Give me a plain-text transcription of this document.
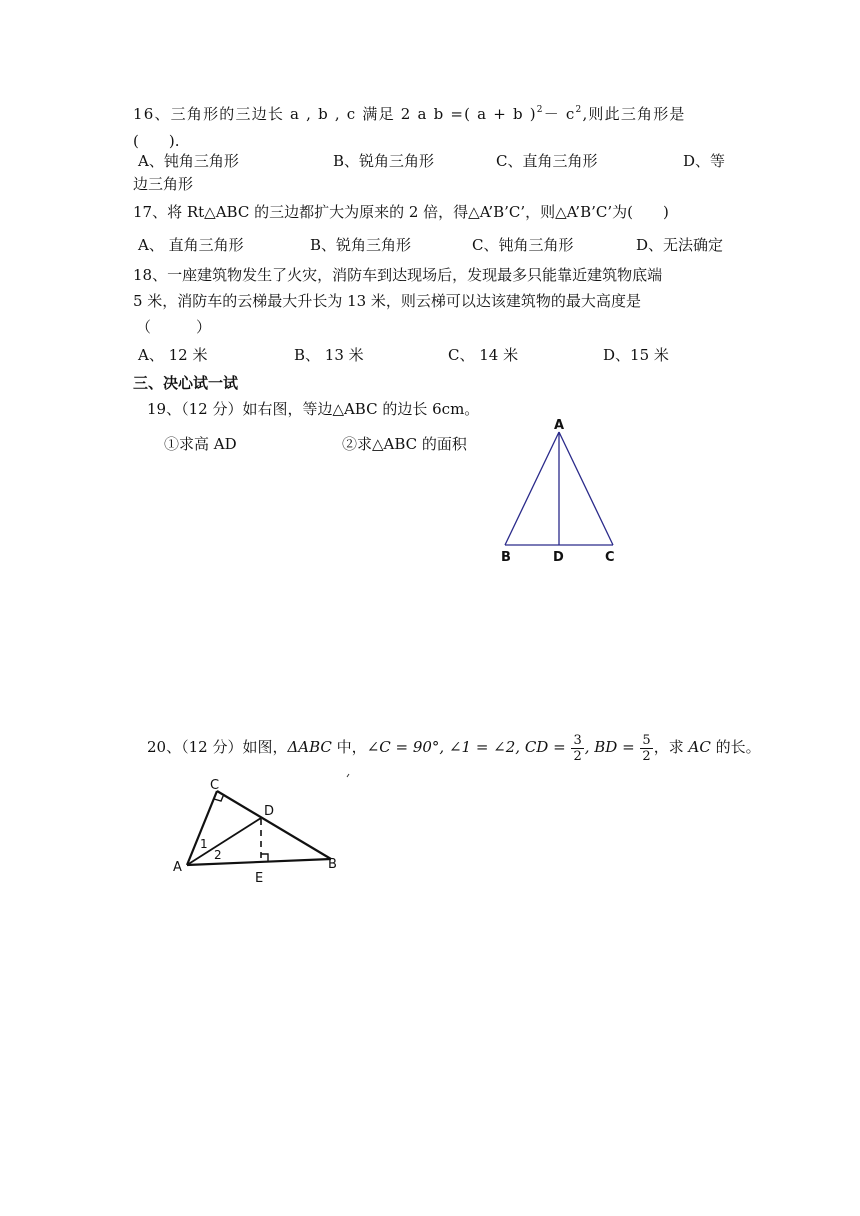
16、三角形的三边长 a , b , c 满足 2 a b =( a + b )$^2- c^2$,则此三角形是
(　　).
A、钝角三角形	B、锐角三角形	C、直角三角形	D、等
边三角形
17、将 Rt△ABC 的三边都扩大为原来的 2 倍，得△A’B’C’，则△A’B’C’为(　　)
A、 直角三角形	B、锐角三角形	C、钝角三角形	D、无法确定
18、一座建筑物发生了火灾，消防车到达现场后，发现最多只能靠近建筑物底端
5 米，消防车的云梯最大升长为 13 米，则云梯可以达该建筑物的最大高度是
（　　　）
A、 12 米	B、 13 米	C、 14 米	D、15 米
三、决心试一试
19、（12 分）如右图，等边△ABC 的边长 6cm。
①求高 AD	②求△ABC 的面积
A
B	D	C
20、（12 分）如图，ΔABC 中，∠C = 90°, ∠1 = ∠2, CD = $\frac{3}{2}$ , BD = $\frac{5}{2}$ ，求 AC 的长。
C
D
A	B
E
1
2
